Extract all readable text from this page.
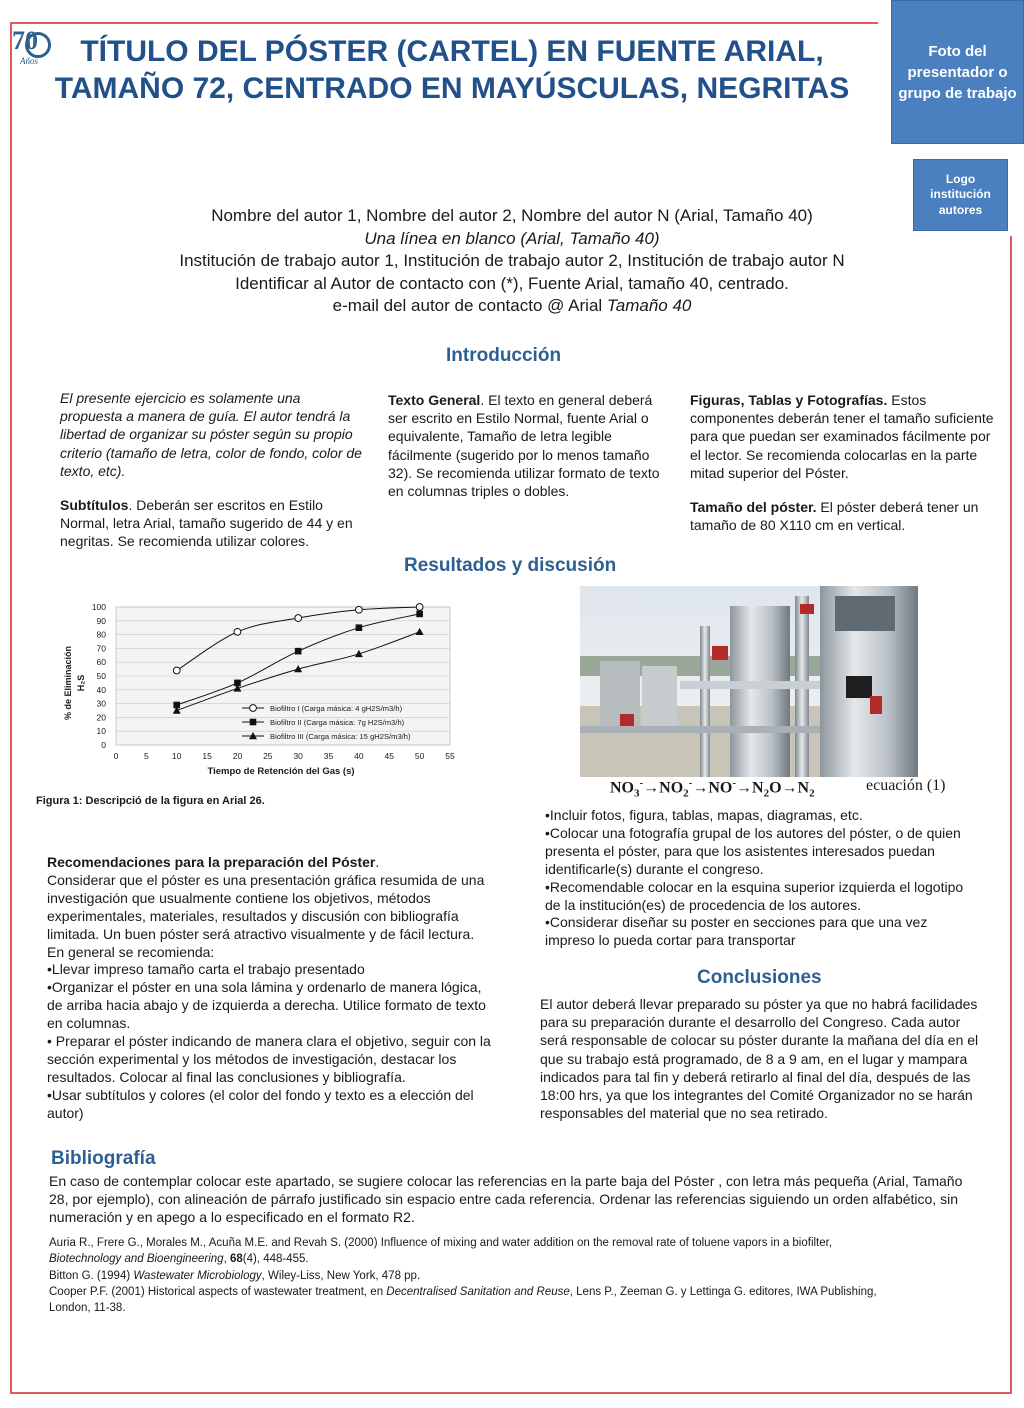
70
Años	TÍTULO DEL PÓSTER (CARTEL) EN FUENTE ARIAL, TAMAÑO 72, CENTRADO EN MAYÚSCULAS, NEGRITAS
Foto del presentador o grupo de trabajo
Logo institución autores
Nombre del autor 1, Nombre del autor 2, Nombre del autor N (Arial, Tamaño 40)
Una línea en blanco (Arial, Tamaño 40)
Institución de trabajo autor 1, Institución de trabajo autor 2, Institución de trabajo autor N
Identificar al Autor de contacto con (*), Fuente Arial, tamaño 40, centrado.
e-mail del autor de contacto @ Arial Tamaño 40
Introducción

El presente ejercicio es solamente una propuesta a manera de guía. El autor tendrá la libertad de organizar su póster según su propio criterio (tamaño de letra, color de fondo, color de texto, etc).

Subtítulos. Deberán ser escritos en Estilo Normal, letra Arial, tamaño sugerido de 44 y en negritas. Se recomienda utilizar colores.

Texto General. El texto en general deberá ser escrito en Estilo Normal, fuente Arial o equivalente, Tamaño de letra legible fácilmente (sugerido por lo menos tamaño 32). Se recomienda utilizar formato de texto en columnas triples o dobles.

Figuras, Tablas y Fotografías. Estos componentes deberán tener el tamaño suficiente para que puedan ser examinados fácilmente por el lector. Se recomienda colocarlas en la parte mitad superior del Póster.

Tamaño del póster. El póster deberá tener un tamaño de 80 X110 cm en vertical.

Resultados y discusión
0
10
20
30
40
50
60
70
80
90
100
0	5	10 15 20 25 30 35 40 45 50 55
Biofiltro I (Carga másica: 4 gH2S/m3/h)
Biofiltro II (Carga másica: 7g H2S/m3/h)
Biofiltro III (Carga másica: 15 gH2S/m3/h)
Tiempo de Retención del Gas (s)
% de Eliminación H₂S
Figura 1: Descripció de la figura en Arial 26.
$NO_3^-\to NO_2^-\to NO^-\to N_2O\to N_2$	ecuación (1)
•Incluir fotos, figura, tablas, mapas, diagramas, etc.
•Colocar una fotografía grupal de los autores del póster, o de quien presenta el póster, para que los asistentes interesados puedan identificarle(s) durante el congreso.
•Recomendable colocar en la esquina superior izquierda el logotipo de la institución(es) de procedencia de los autores.
•Considerar diseñar su poster en secciones para que una vez impreso lo pueda cortar para transportar
Recomendaciones para la preparación del Póster.
Considerar que el póster es una presentación gráfica resumida de una investigación que usualmente contiene los objetivos, métodos experimentales, materiales, resultados y discusión con bibliografía limitada. Un buen póster será atractivo visualmente y de fácil lectura.
En general se recomienda:
•Llevar impreso tamaño carta el trabajo presentado
•Organizar el póster en una sola lámina y ordenarlo de manera lógica, de arriba hacia abajo y de izquierda a derecha. Utilice formato de texto en columnas.
• Preparar el póster indicando de manera clara el objetivo, seguir con la sección experimental y los métodos de investigación, destacar los resultados. Colocar al final las conclusiones y bibliografía.
•Usar subtítulos y colores (el color del fondo y texto es a elección del autor)
Conclusiones
El autor deberá llevar preparado su póster ya que no habrá facilidades para su preparación durante el desarrollo del Congreso. Cada autor será responsable de colocar su póster durante la mañana del día en el que su trabajo está programado, de 8 a 9 am, en el lugar y mampara indicados para tal fin y deberá retirarlo al final del día, después de las 18:00 hrs, ya que los integrantes del Comité Organizador no se harán responsables del material que no sea retirado.
Bibliografía
En caso de contemplar colocar este apartado, se sugiere colocar las referencias en la parte baja del Póster , con letra más pequeña (Arial, Tamaño 28, por ejemplo), con alineación de párrafo justificado sin espacio entre cada referencia. Ordenar las referencias siguiendo un orden alfabético, sin numeración y en apego a lo especificado en el formato R2.
Auria R., Frere G., Morales M., Acuña M.E. and Revah S. (2000) Influence of mixing and water addition on the removal rate of toluene vapors in a biofilter, Biotechnology and Bioengineering, 68(4), 448-455.
Bitton G. (1994) Wastewater Microbiology, Wiley-Liss, New York, 478 pp.
Cooper P.F. (2001) Historical aspects of wastewater treatment, en Decentralised Sanitation and Reuse, Lens P., Zeeman G. y Lettinga G. editores, IWA Publishing, London, 11-38.
